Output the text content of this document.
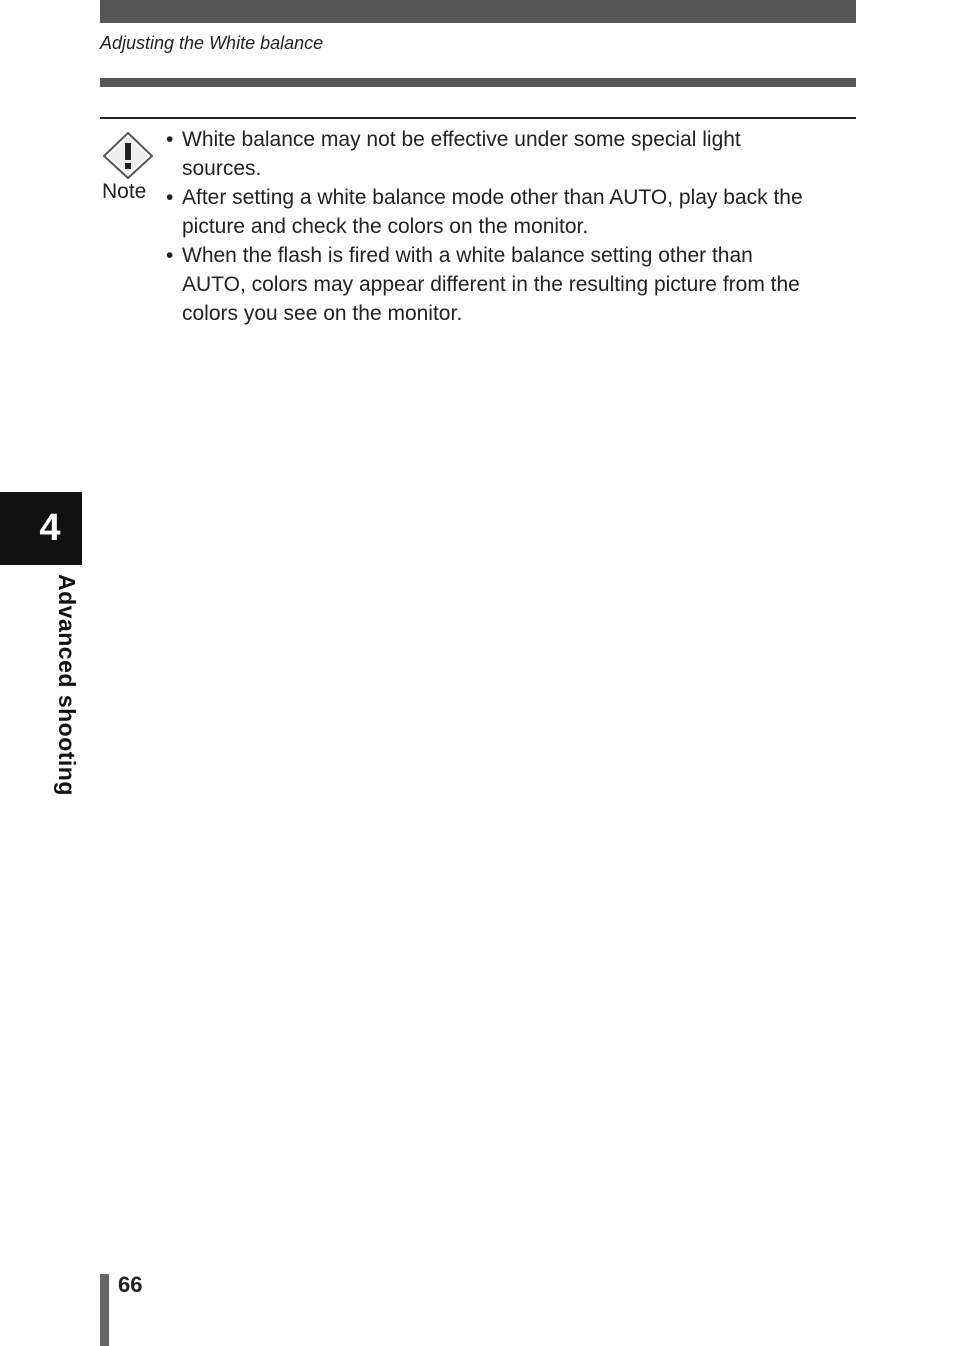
Adjusting the White balance
Note
• White balance may not be effective under some special light
sources.
• After setting a white balance mode other than AUTO, play back the
picture and check the colors on the monitor.
• When the flash is fired with a white balance setting other than
AUTO, colors may appear different in the resulting picture from the
colors you see on the monitor.
4
Advanced shooting
66
